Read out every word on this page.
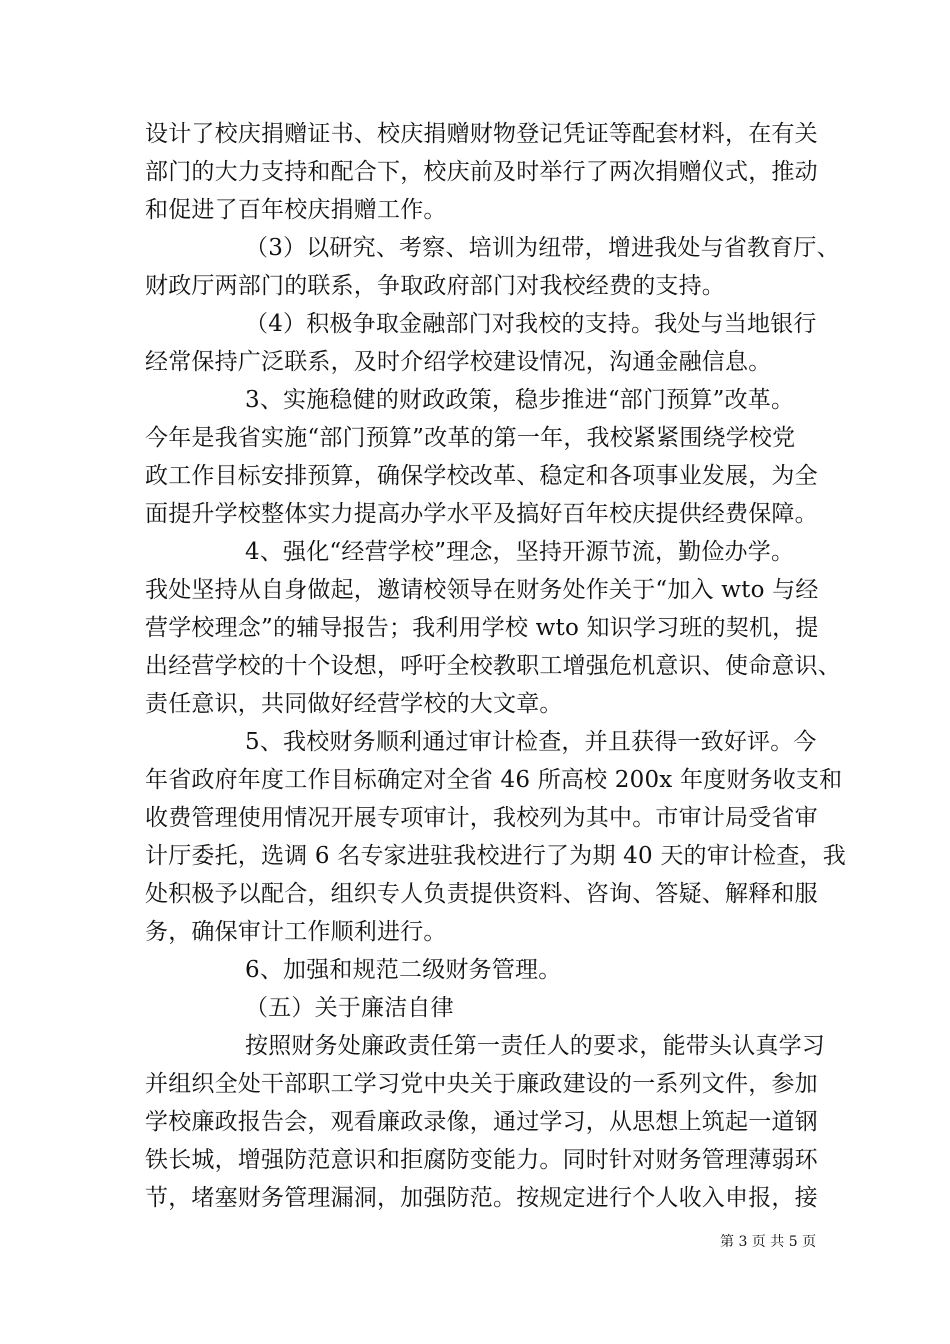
设计了校庆捐赠证书、校庆捐赠财物登记凭证等配套材料，在有关
部门的大力支持和配合下，校庆前及时举行了两次捐赠仪式，推动
和促进了百年校庆捐赠工作。
（3）以研究、考察、培训为纽带，增进我处与省教育厅、
财政厅两部门的联系，争取政府部门对我校经费的支持。
（4）积极争取金融部门对我校的支持。我处与当地银行
经常保持广泛联系，及时介绍学校建设情况，沟通金融信息。
3、实施稳健的财政政策，稳步推进“部门预算”改革。
今年是我省实施“部门预算”改革的第一年，我校紧紧围绕学校党
政工作目标安排预算，确保学校改革、稳定和各项事业发展，为全
面提升学校整体实力提高办学水平及搞好百年校庆提供经费保障。
4、强化“经营学校”理念，坚持开源节流，勤俭办学。
我处坚持从自身做起，邀请校领导在财务处作关于“加入 wto 与经
营学校理念”的辅导报告；我利用学校 wto 知识学习班的契机，提
出经营学校的十个设想，呼吁全校教职工增强危机意识、使命意识、
责任意识，共同做好经营学校的大文章。
5、我校财务顺利通过审计检查，并且获得一致好评。今
年省政府年度工作目标确定对全省 46 所高校 200x 年度财务收支和
收费管理使用情况开展专项审计，我校列为其中。市审计局受省审
计厅委托，选调 6 名专家进驻我校进行了为期 40 天的审计检查，我
处积极予以配合，组织专人负责提供资料、咨询、答疑、解释和服
务，确保审计工作顺利进行。
6、加强和规范二级财务管理。
（五）关于廉洁自律
按照财务处廉政责任第一责任人的要求，能带头认真学习
并组织全处干部职工学习党中央关于廉政建设的一系列文件，参加
学校廉政报告会，观看廉政录像，通过学习，从思想上筑起一道钢
铁长城，增强防范意识和拒腐防变能力。同时针对财务管理薄弱环
节，堵塞财务管理漏洞，加强防范。按规定进行个人收入申报，接
第 3 页 共 5 页
